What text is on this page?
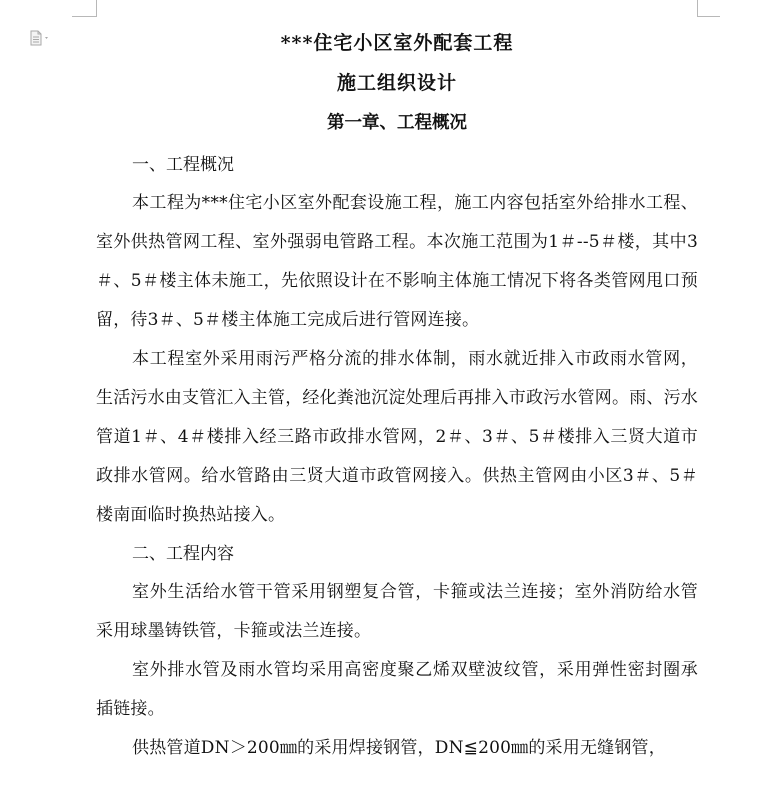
***住宅小区室外配套工程

施工组织设计

第一章、工程概况

一、工程概况

本工程为***住宅小区室外配套设施工程，施工内容包括室外给排水工程、室外供热管网工程、室外强弱电管路工程。本次施工范围为1＃--5＃楼，其中3＃、5＃楼主体未施工，先依照设计在不影响主体施工情况下将各类管网甩口预留，待3＃、5＃楼主体施工完成后进行管网连接。

本工程室外采用雨污严格分流的排水体制，雨水就近排入市政雨水管网，生活污水由支管汇入主管，经化粪池沉淀处理后再排入市政污水管网。雨、污水管道1＃、4＃楼排入经三路市政排水管网，2＃、3＃、5＃楼排入三贤大道市政排水管网。给水管路由三贤大道市政管网接入。供热主管网由小区3＃、5＃楼南面临时换热站接入。

二、工程内容

室外生活给水管干管采用钢塑复合管，卡箍或法兰连接；室外消防给水管采用球墨铸铁管，卡箍或法兰连接。

室外排水管及雨水管均采用高密度聚乙烯双壁波纹管，采用弹性密封圈承插链接。

供热管道DN＞200㎜的采用焊接钢管，DN≦200㎜的采用无缝钢管，
